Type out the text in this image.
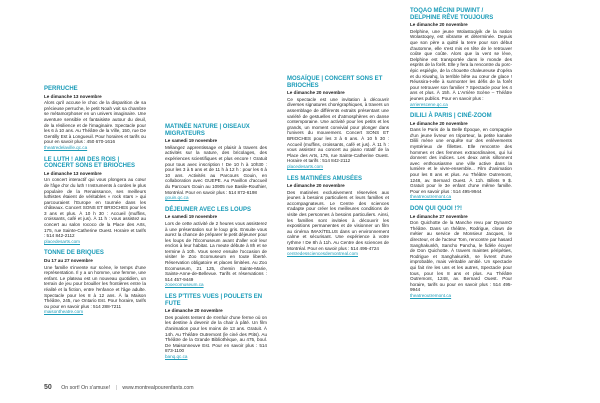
PERRUCHE
Le dimanche 13 novembre
Alors qu'il accuse le choc de la disparition de sa précieuse perruche, le petit Noah voit sa chambre se métamorphoser en un univers imaginaire. Une aventure sensible et fantaisiste autour du deuil, de la résilience et de l'imaginaire. Spectacle pour les 6 à 10 ans. Au Théâtre de la Ville, 150, rue De Gentilly Est à Longueuil. Pour horaires et tarifs ou pour en savoir plus : 450 670-1616
theatredelaville.qc.ca
LE LUTH ! AMI DES ROIS | CONCERT SONS ET BRIOCHES
Le dimanche 13 novembre
Un concert interactif qui vous plongera au cœur de l'âge d'or du luth ! Instruments à cordes le plus populaire de la Renaissance, ses meilleurs luthistes étaient de véritables « rock stars » qui parcouraient l'Europe en tournée dans les châteaux. Concert SONS ET BRIOCHES pour les 3 ans et plus. À 10 h 30 : Accueil (muffins, croissants, café et jus). À 11 h : vous assistez au concert au salon rococo de la Place des Arts, 175, rue Sainte-Catherine Ouest. Horaire et tarifs : 514 842-2112
placedesarts.com
TONNE DE BRIQUES
Du 17 au 27 novembre
Une famille s'invente sur scène, le temps d'une représentation. Il y a un homme, une femme, une enfant. Le plateau est un nouveau quotidien, un terrain de jeu pour brouiller les frontières entre la réalité et la fiction, entre l'enfance et l'âge adulte. Spectacle pour les 8 à 12 ans. À la Maison Théâtre, 245, rue Ontario Est. Pour horaire, tarifs ou pour en savoir plus : 514 288-7211
maisontheatre.com
MATINÉE NATURE | OISEAUX MIGRATEURS
Le samedi 19 novembre
Mélangez apprentissage et plaisir à travers des activités sur la nature, des bricolages, des expériences scientifiques et plus encore ! Gratuit pour tous avec inscription ! De 10 h à 10h30 : pour les 3 à 5 ans et de 11 h à 12 h : pour les 6 à 10 ans. Activités au Parcours Gouin, en collaboration avec GUEPE. Au Pavillon d'accueil du Parcours Gouin au 10905 rue Basile-Routhier, Montréal. Pour en savoir plus : 514 872-6198
gouin.qc.ca
DÉJEUNER AVEC LES LOUPS
Le samedi 19 novembre
Lors de cette activité de 2 heures vous assisterez à une présentation sur le loup gris. Ensuite vous aurez la chance de préparer le petit déjeuner pour les loups de l'Écomuseum avant d'aller voir leur enclos à leur habitat. La meute débute à 8h et se termine à 10h. Vous serez ensuite l'occasion de visiter le Zoo Ecomuseum en toute liberté. Réservation obligatoire et places limitées. Au Zoo Ecomuseum, 21 125, chemin Sainte-Marie, Sainte-Anne-de-Bellevue. Tarifs et réservations : 514 457-9449
zooecomuseum.ca
LES P'TITES VUES | POULETS EN FUTE
Le dimanche 20 novembre
Des poulets tentent de s'enfuir d'une ferme où on les destine à devenir de la chair à pâté. Un film d'animation pour les moins de 13 ans. Gratuit. À 14h. Au Théâtre Outremont (le ciné des Ptits). Au Théâtre de la Grande Bibliothèque, au 475, boul. De Maisonneuve Est. Pour en savoir plus : 514 873-1100
banq.qc.ca
MOSAÏQUE | CONCERT SONS ET BRIOCHES
Le dimanche 20 novembre
Ce spectacle est une invitation à découvrir diverses signatures chorégraphiques, à travers un assemblage de différents extraits présentant une variété de gestuelles et d'atmosphères en danse contemporaine. Une activité pour les petits et les grands, un moment convivial pour plonger dans l'univers du mouvement. Concert SONS ET BRIOCHES pour les 3 à 6 ans. À 10 h 30 : Accueil (muffins, croissants, café et jus). À 11 h : vous assistez au concert au piano rotatif de la Place des Arts, 175, rue Sainte-Catherine Ouest. Horaire et tarifs : 514 842-2112
placedesarts.com
LES MATINÉES AMUSÉES
Le dimanche 20 novembre
Des matinées exclusivement réservées aux jeunes à besoins particuliers et leurs familles et accompagnateurs. Le Centre des sciences s'adapte pour créer les meilleures conditions de visite des personnes à besoins particuliers. Ainsi, les familles sont invitées à découvrir les expositions permanentes et de visionner un film au cinéma IMAX/TELUS dans un environnement calme et sécurisant. Une expérience à votre rythme ! De 8h à 11h. Au Centre des sciences de Montréal. Pour en savoir plus : 514 496-4724
centredessciencesdemontreal.com
TOQAO MÉCINI PUWINT / DELPHINE RÊVE TOUJOURS
Le dimanche 20 novembre
Delphine, une jeune Wolastoqiyik de la nation Wolastoqey, est vibrante et déterminée. Depuis que son père a quitté la terre pour son début d'automne, elle s'est mis en tête de le retrouver coûte que coûte. Alors que la vent se lève, Delphine est transportée dans le monde des esprits de la forêt. Elle y fera la rencontre du porc-épic espiègle, de la chouette chaleureuse d'opéra et du Kiwahq, la terrible bête au cœur de glace ! Réussira-t-elle à surmonter les défis de la forêt pour retrouver son familier ? Spectacle pour les 4 ans et plus. À 15h. À L'Arrière Scène – Théâtre jeunes publics. Pour en savoir plus :
arrierescene.qc.ca
DILILI À PARIS | CINÉ-ZOOM
Le dimanche 20 novembre
Dans le Paris de la Belle Époque, en compagnie d'un jeune livreur en triporteur, la petite kanake Dilili mène une enquête sur des enlèvements mystérieux de fillettes. Elle rencontre des hommes et des femmes extraordinaires, qui lui donnent des indices. Les deux amis sillonnent avec enthousiasme une ville active dans la lumière et le vivre-ensemble... Film d'animation pour les 8 ans et plus. Au Théâtre Outremont, 1248, av. Bernard Ouest. À 11h. Billets 9 $. Gratuit pour le 3e enfant d'une même famille. Pour en savoir plus : 514 495-9944
theatreoutremont.ca
DON QUI QUOI !?!
Le dimanche 27 novembre
Don Quichotte de la Manche revu par DynamO Théâtre. Dans un théâtre, Rodrigue, clown de métier au service de Monsieur Jacques, le directeur, et de l'acteur Tom, rencontre par hasard Sanghakunkh, Sancho Pancha, le fidèle écuyer de Don Quichotte. À travers maintes péripéties, Rodrigue et Sanghakunkh, se livrent d'une improbable, mais véritable amitié. Un spectacle qui fait rire les uns et les autres, Spectacle pour tous, pour les 8 ans et plus. Au Théâtre Outremont, 1248, av. Bernard Ouest. Pour horaire, tarifs ou pour en savoir plus : 514 495-9944
theatreoutremont.ca
50 On sort! On s'amuse! | www.montrealpourenfants.com
